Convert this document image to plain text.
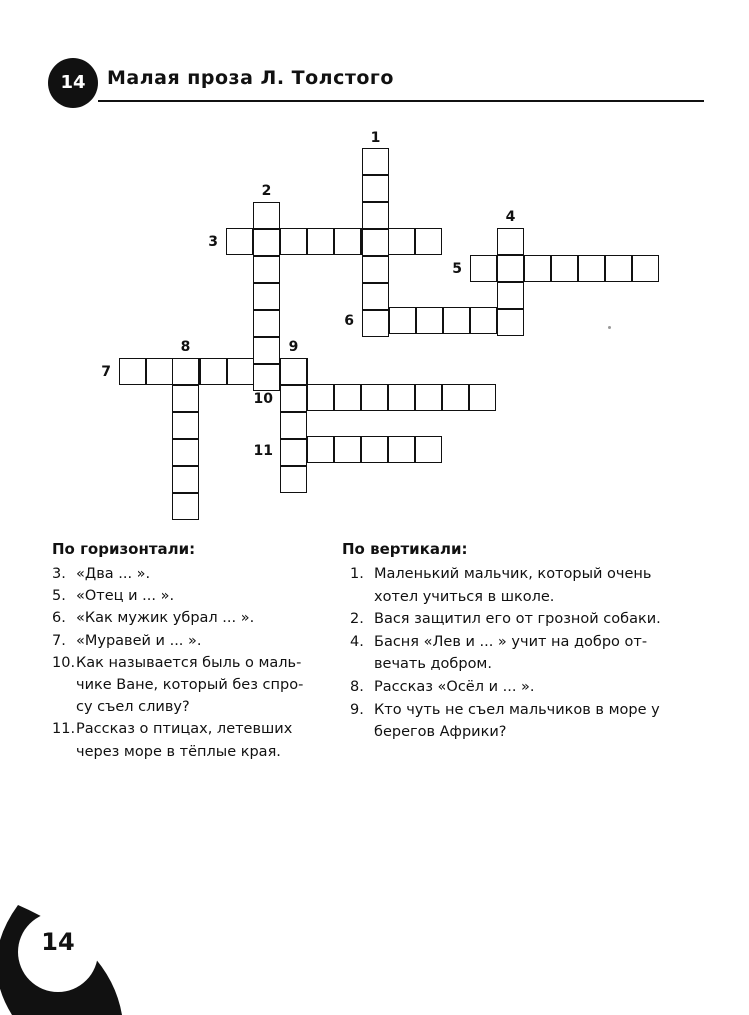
14	Малая проза Л. Толстого
1
2
3
4
5
6
7
8	9
10
11
По горизонтали:
3. «Два ... ».
5. «Отец и ... ».
6. «Как мужик убрал ... ».
7. «Муравей и ... ».
10.Как называется быль о маль-
чике Ване, который без спро-
су съел сливу?
11.Рассказ о птицах, летевших
через море в тёплые края.
По вертикали:
1. Маленький мальчик, который очень
хотел учиться в школе.
2. Вася защитил его от грозной собаки.
4. Басня «Лев и ... » учит на добро от-
вечать добром.
8. Рассказ «Осёл и ... ».
9. Кто чуть не съел мальчиков в море у
берегов Африки?
14
